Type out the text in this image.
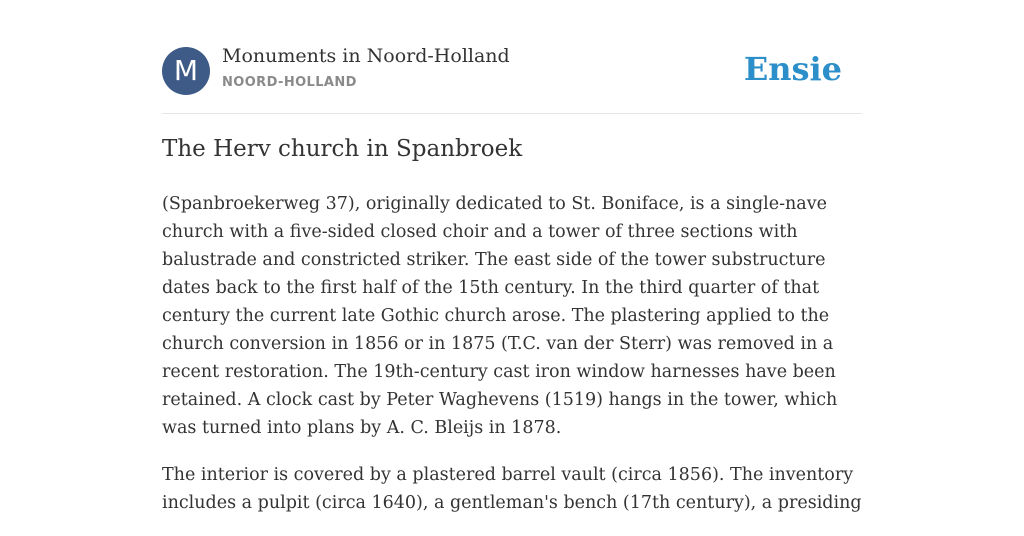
M	Monuments in Noord-Holland
NOORD-HOLLAND	Ensie
The Herv church in Spanbroek

(Spanbroekerweg 37), originally dedicated to St. Boniface, is a single-nave church with a five-sided closed choir and a tower of three sections with balustrade and constricted striker. The east side of the tower substructure dates back to the first half of the 15th century. In the third quarter of that century the current late Gothic church arose. The plastering applied to the church conversion in 1856 or in 1875 (T.C. van der Sterr) was removed in a recent restoration. The 19th-century cast iron window harnesses have been retained. A clock cast by Peter Waghevens (1519) hangs in the tower, which was turned into plans by A. C. Bleijs in 1878.

The interior is covered by a plastered barrel vault (circa 1856). The inventory includes a pulpit (circa 1640), a gentleman's bench (17th century), a presiding
